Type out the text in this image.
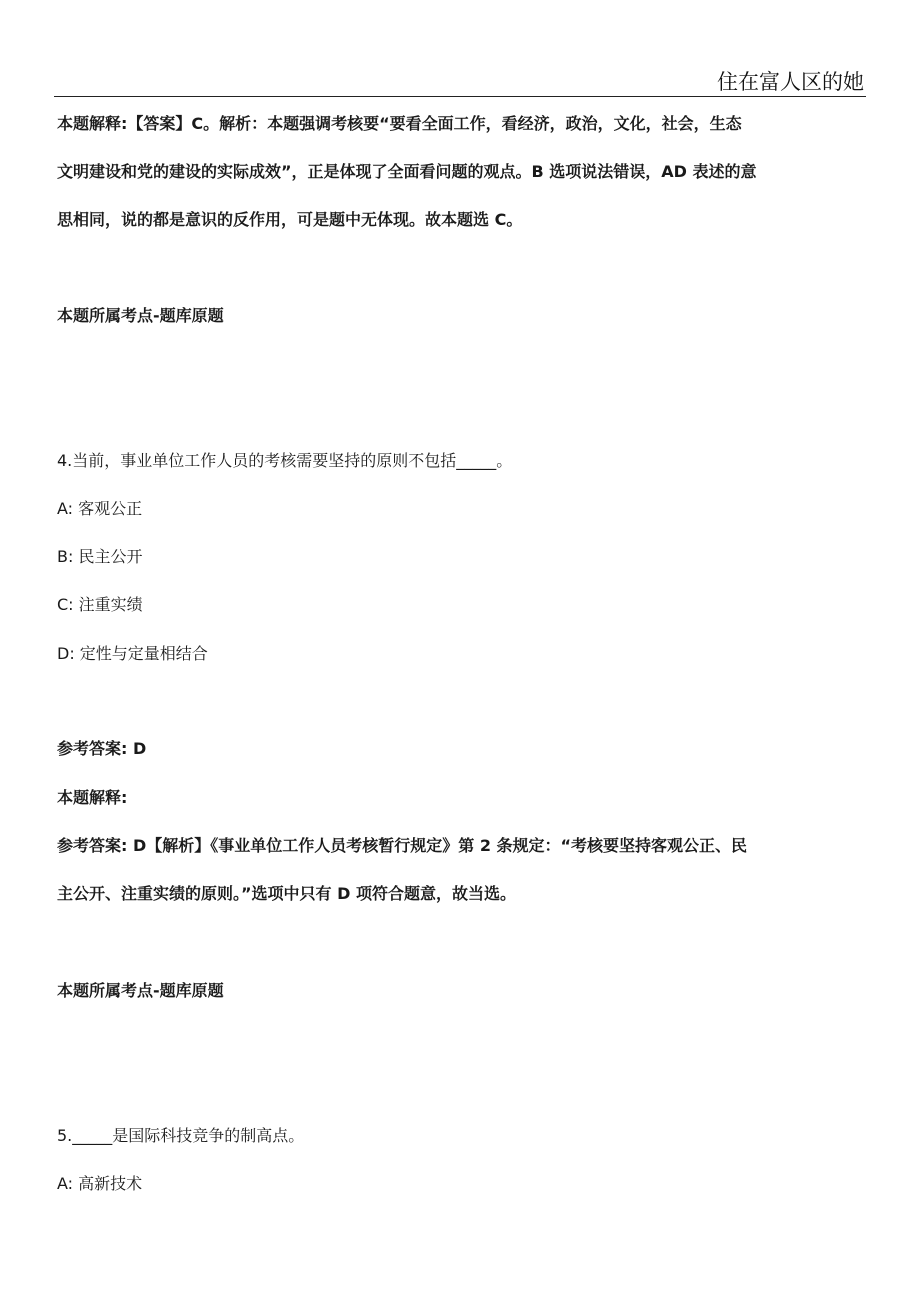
住在富人区的她
本题解释:【答案】C。解析：本题强调考核要“要看全面工作，看经济，政治，文化，社会，生态
文明建设和党的建设的实际成效”，正是体现了全面看问题的观点。B 选项说法错误，AD 表述的意
思相同，说的都是意识的反作用，可是题中无体现。故本题选 C。
本题所属考点-题库原题
4.当前，事业单位工作人员的考核需要坚持的原则不包括_____。
A: 客观公正
B: 民主公开
C: 注重实绩
D: 定性与定量相结合
参考答案: D
本题解释:
参考答案: D【解析】《事业单位工作人员考核暂行规定》第 2 条规定：“考核要坚持客观公正、民
主公开、注重实绩的原则。”选项中只有 D 项符合题意，故当选。
本题所属考点-题库原题
5._____是国际科技竞争的制高点。
A: 高新技术
